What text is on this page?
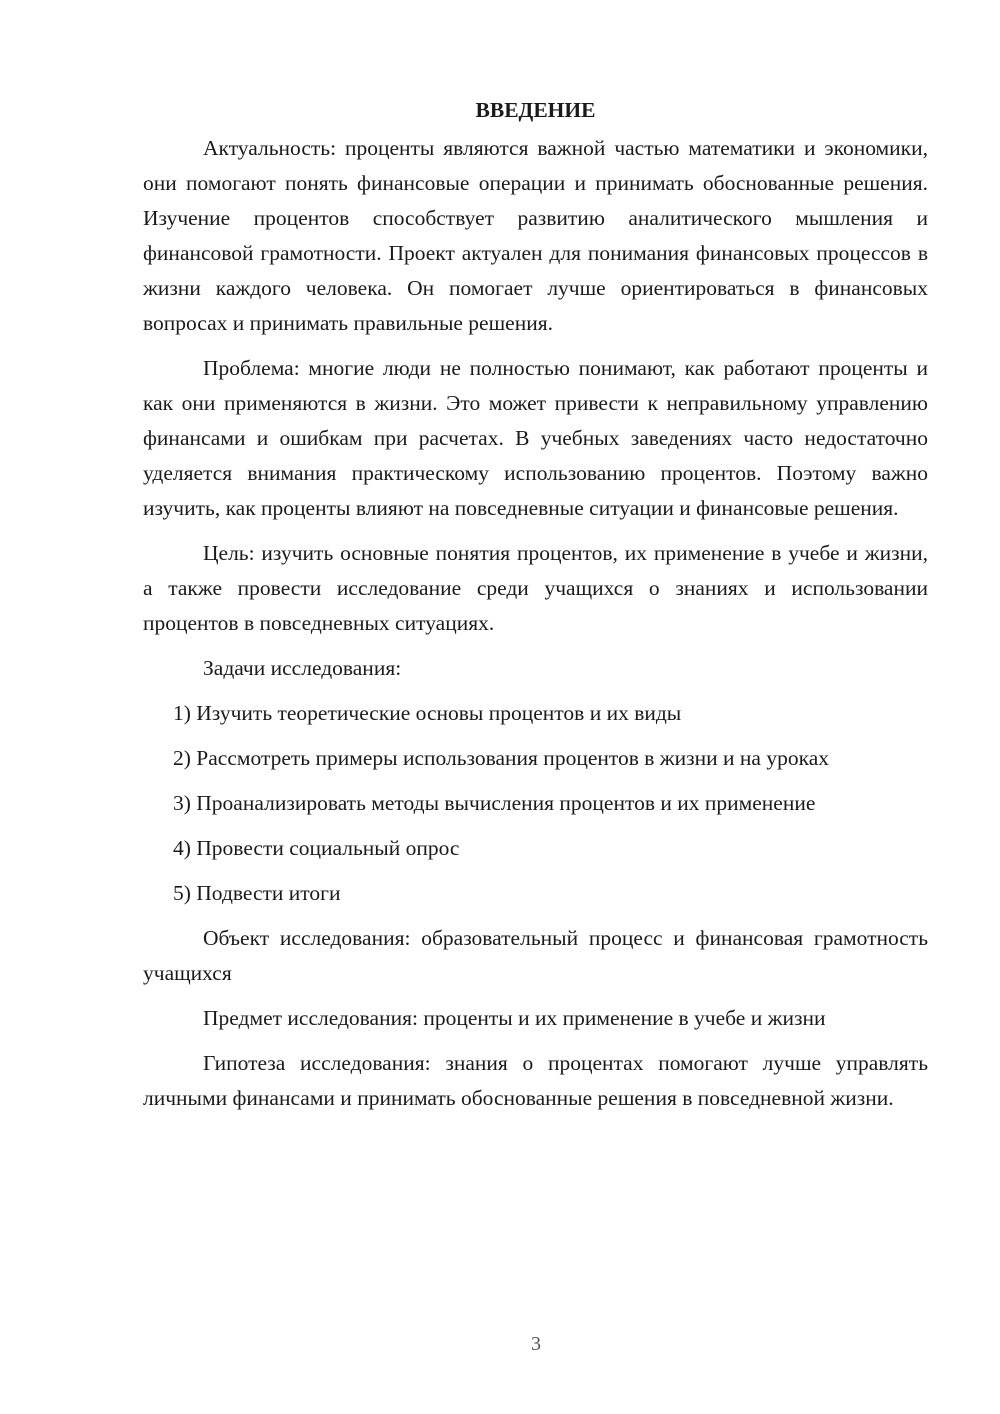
ВВЕДЕНИЕ

Актуальность: проценты являются важной частью математики и экономики, они помогают понять финансовые операции и принимать обоснованные решения. Изучение процентов способствует развитию аналитического мышления и финансовой грамотности. Проект актуален для понимания финансовых процессов в жизни каждого человека. Он помогает лучше ориентироваться в финансовых вопросах и принимать правильные решения.

Проблема: многие люди не полностью понимают, как работают проценты и как они применяются в жизни. Это может привести к неправильному управлению финансами и ошибкам при расчетах. В учебных заведениях часто недостаточно уделяется внимания практическому использованию процентов. Поэтому важно изучить, как проценты влияют на повседневные ситуации и финансовые решения.

Цель: изучить основные понятия процентов, их применение в учебе и жизни, а также провести исследование среди учащихся о знаниях и использовании процентов в повседневных ситуациях.

Задачи исследования:

1) Изучить теоретические основы процентов и их виды

2) Рассмотреть примеры использования процентов в жизни и на уроках

3) Проанализировать методы вычисления процентов и их применение

4) Провести социальный опрос

5) Подвести итоги

Объект исследования: образовательный процесс и финансовая грамотность учащихся

Предмет исследования: проценты и их применение в учебе и жизни

Гипотеза исследования: знания о процентах помогают лучше управлять личными финансами и принимать обоснованные решения в повседневной жизни.

3
